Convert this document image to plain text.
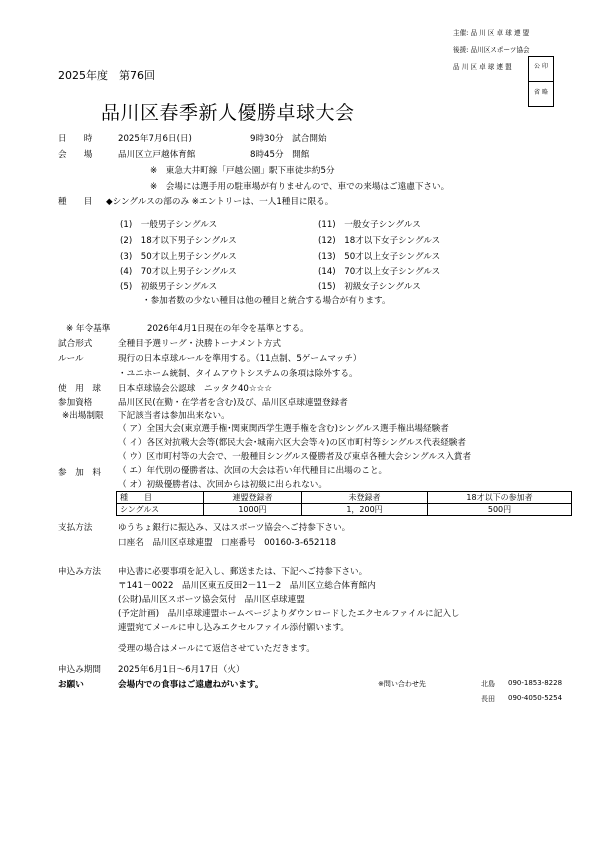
主催: 品 川 区 卓 球 連 盟
後援: 品川区スポーツ協会
品 川 区 卓 球 連 盟	公 印
省 略
2025年度　第76回
品川区春季新人優勝卓球大会
日　　時	2025年7月6日(日)	9時30分　試合開始
会　　場	品川区立戸越体育館	8時45分　開館
※　東急大井町線「戸越公園」駅下車徒歩約5分
※　会場には選手用の駐車場が有りませんので、車での来場はご遠慮下さい。
種　　目 ◆シングルスの部のみ ※エントリーは、一人1種目に限る。
(1)　一般男子シングルス	(11)　一般女子シングルス
(2)　18才以下男子シングルス	(12)　18才以下女子シングルス
(3)　50才以上男子シングルス	(13)　50才以上女子シングルス
(4)　70才以上男子シングルス	(14)　70才以上女子シングルス
(5)　初級男子シングルス	(15)　初級女子シングルス
・参加者数の少ない種目は他の種目と統合する場合が有ります。
※ 年令基準	2026年4月1日現在の年令を基準とする。
試合形式	全種目予選リーグ・決勝トーナメント方式
ルール	現行の日本卓球ルールを準用する。（11点制、5ゲームマッチ）
・ユニホーム統制、タイムアウトシステムの条項は除外する。
使　用　球 日本卓球協会公認球　ニッタク40☆☆☆
参加資格	品川区民(在勤・在学者を含む)及び、品川区卓球連盟登録者
※出場制限 下記該当者は参加出来ない。
（ ア）全国大会(東京選手権･関東関西学生選手権を含む)シングルス選手権出場経験者
（ イ）各区対抗戦大会等(都民大会･城南六区大会等々)の区市町村等シングルス代表経験者
（ ウ）区市町村等の大会で、一般種目シングルス優勝者及び東卓各種大会シングルス入賞者
（ エ）年代別の優勝者は、次回の大会は若い年代種目に出場のこと。
（ オ）初級優勝者は、次回からは初級に出られない。
参　加　料
種　　目	連盟登録者	未登録者	18才以下の参加者
シングルス	1000円	1，200円	500円
支払方法	ゆうちょ銀行に振込み、又はスポーツ協会へご持参下さい。
口座名　品川区卓球連盟　口座番号　00160-3-652118
申込み方法 申込書に必要事項を記入し、郵送または、下記へご持参下さい。
〒141－0022　品川区東五反田2－11－2　品川区立総合体育館内
(公財)品川区スポーツ協会気付　品川区卓球連盟
(予定計画)　品川卓球連盟ホームページよりダウンロードしたエクセルファイルに記入し
連盟宛てメールに申し込みエクセルファイル添付願います。
受理の場合はメールにて返信させていただきます。
申込み期間 2025年6月1日～6月17日（火）
お願い	会場内での食事はご遠慮ねがいます。	※問い合わせ先	北島 090-1853-8228
長田 090-4050-5254
